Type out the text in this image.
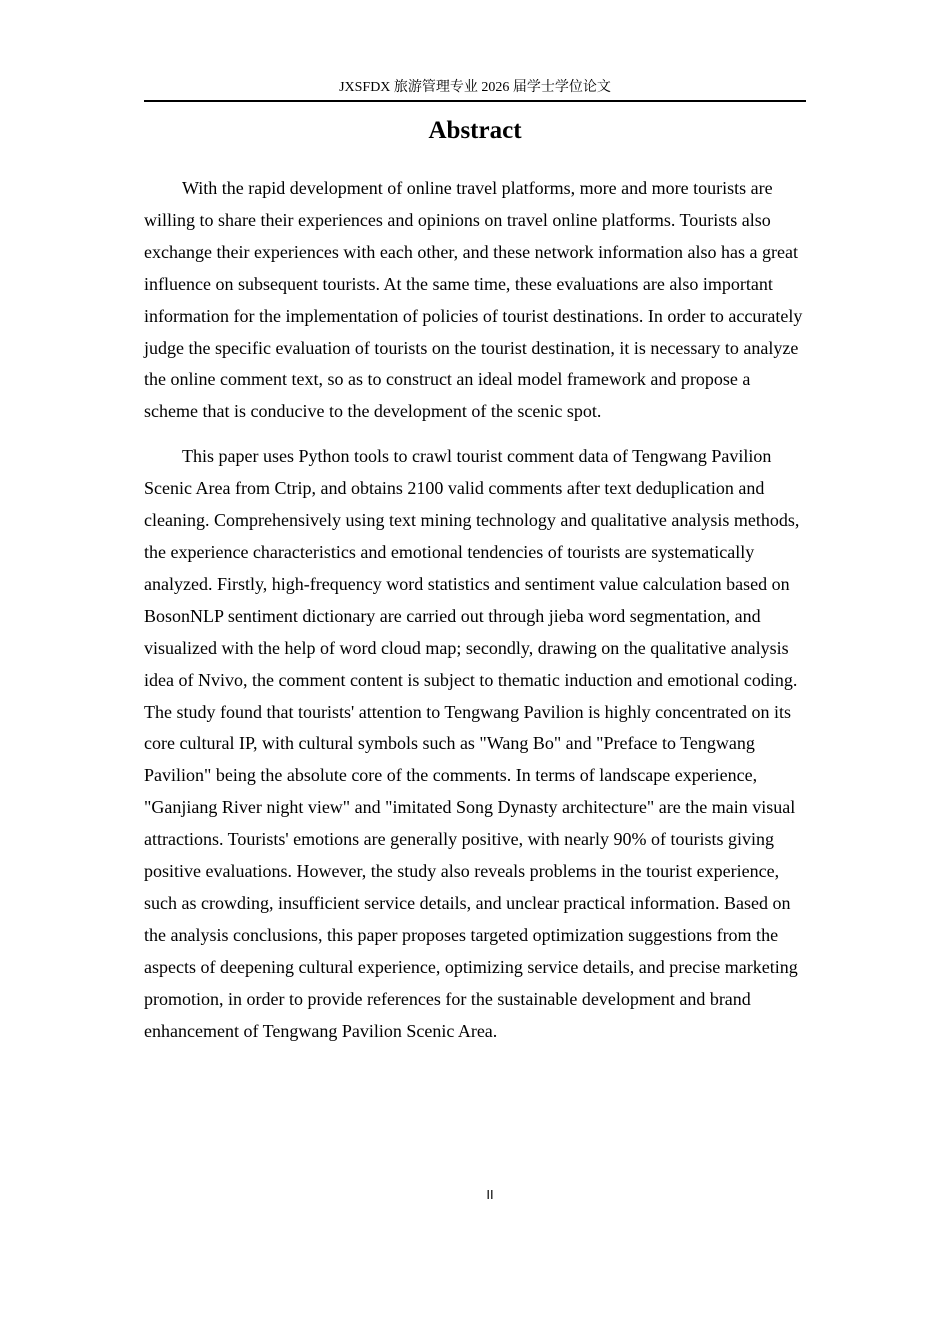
JXSFDX 旅游管理专业 2026 届学士学位论文
Abstract

With the rapid development of online travel platforms, more and more tourists are willing to share their experiences and opinions on travel online platforms. Tourists also exchange their experiences with each other, and these network information also has a great influence on subsequent tourists. At the same time, these evaluations are also important information for the implementation of policies of tourist destinations. In order to accurately judge the specific evaluation of tourists on the tourist destination, it is necessary to analyze the online comment text, so as to construct an ideal model framework and propose a scheme that is conducive to the development of the scenic spot.

This paper uses Python tools to crawl tourist comment data of Tengwang Pavilion Scenic Area from Ctrip, and obtains 2100 valid comments after text deduplication and cleaning. Comprehensively using text mining technology and qualitative analysis methods, the experience characteristics and emotional tendencies of tourists are systematically analyzed. Firstly, high-frequency word statistics and sentiment value calculation based on BosonNLP sentiment dictionary are carried out through jieba word segmentation, and visualized with the help of word cloud map; secondly, drawing on the qualitative analysis idea of Nvivo, the comment content is subject to thematic induction and emotional coding. The study found that tourists' attention to Tengwang Pavilion is highly concentrated on its core cultural IP, with cultural symbols such as "Wang Bo" and "Preface to Tengwang Pavilion" being the absolute core of the comments. In terms of landscape experience, "Ganjiang River night view" and "imitated Song Dynasty architecture" are the main visual attractions. Tourists' emotions are generally positive, with nearly 90% of tourists giving positive evaluations. However, the study also reveals problems in the tourist experience, such as crowding, insufficient service details, and unclear practical information. Based on the analysis conclusions, this paper proposes targeted optimization suggestions from the aspects of deepening cultural experience, optimizing service details, and precise marketing promotion, in order to provide references for the sustainable development and brand enhancement of Tengwang Pavilion Scenic Area.

II
